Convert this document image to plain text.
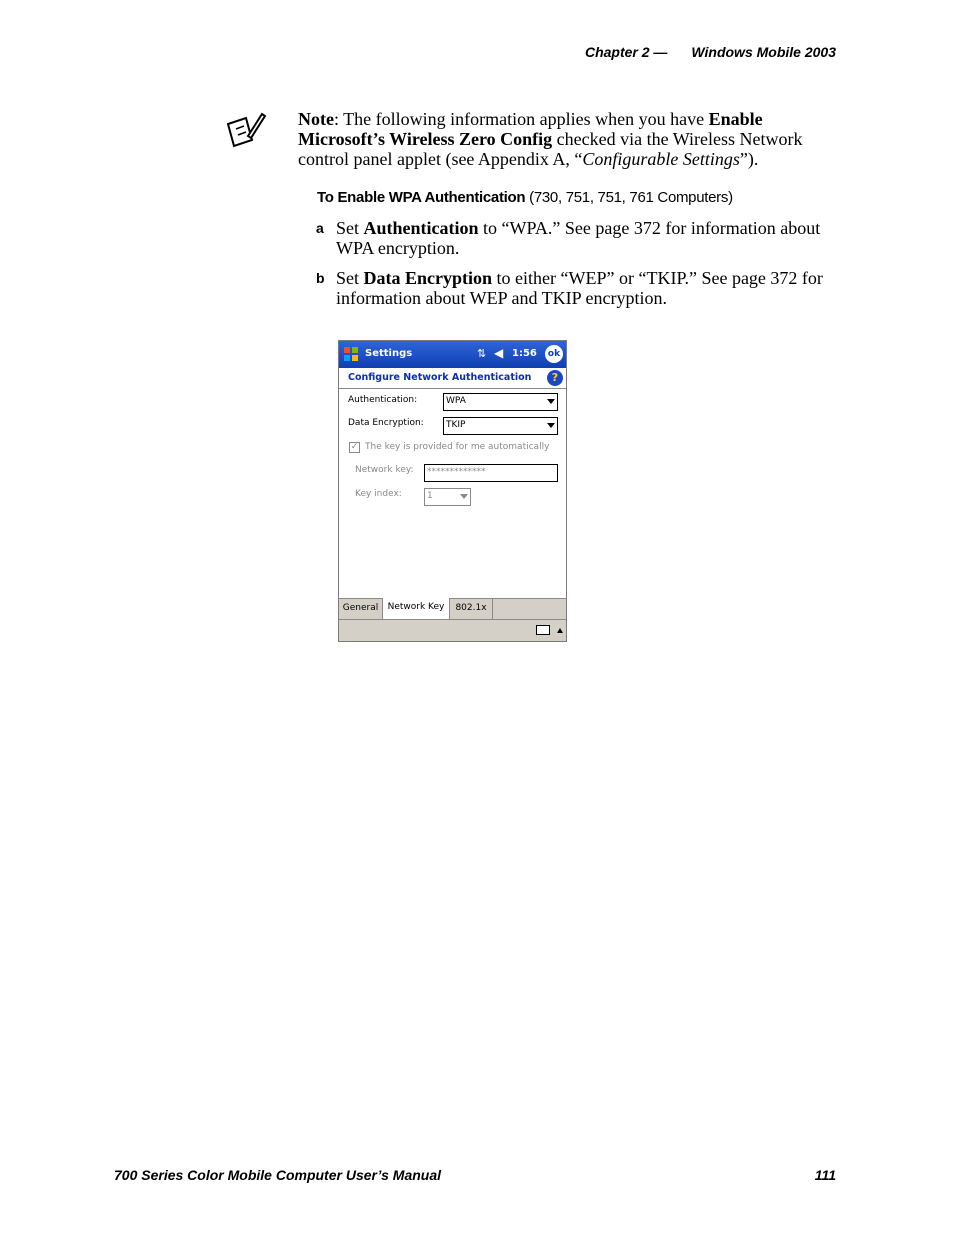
Chapter 2 — Windows Mobile 2003
Note: The following information applies when you have Enable Microsoft’s Wireless Zero Config checked via the Wireless Network control panel applet (see Appendix A, “Configurable Settings”).
To Enable WPA Authentication (730, 751, 751, 761 Computers)
a Set Authentication to “WPA.” See page 372 for information about WPA encryption.
b Set Data Encryption to either “WEP” or “TKIP.” See page 372 for information about WEP and TKIP encryption.
Settings	⇅ ◀ 1:56	ok
Configure Network Authentication	?
Authentication:	WPA
Data Encryption:	TKIP
✓ The key is provided for me automatically
Network key:	*************
Key index:	1
General	Network Key	802.1x
700 Series Color Mobile Computer User’s Manual	111
